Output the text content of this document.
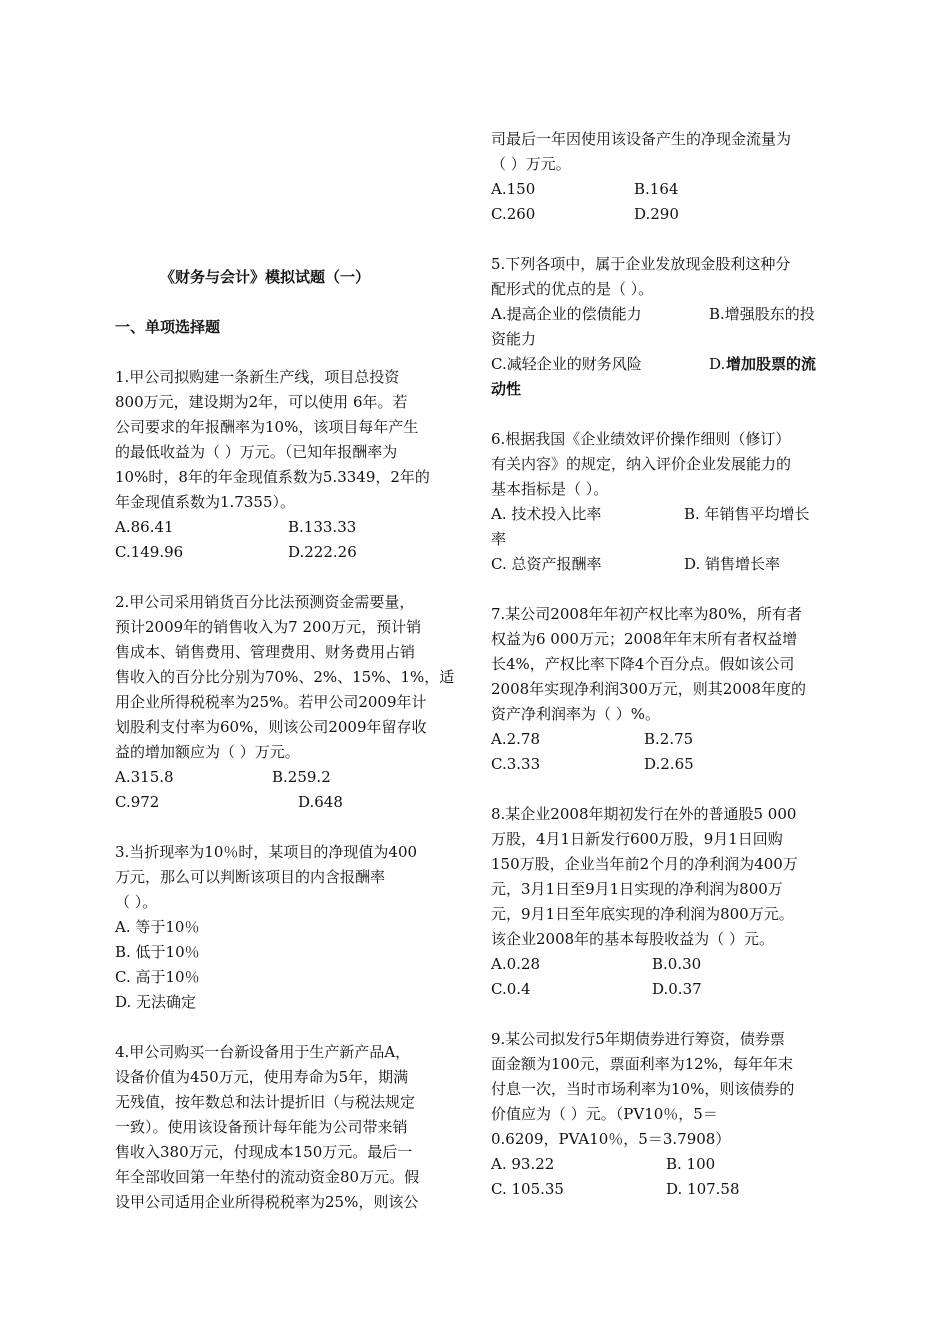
《财务与会计》模拟试题（一）
一、单项选择题
1.甲公司拟购建一条新生产线，项目总投资
800万元，建设期为2年，可以使用 6年。若
公司要求的年报酬率为10%，该项目每年产生
的最低收益为（ ）万元。（已知年报酬率为
10%时，8年的年金现值系数为5.3349，2年的
年金现值系数为1.7355）。
A.86.41	B.133.33
C.149.96	D.222.26
2.甲公司采用销货百分比法预测资金需要量，
预计2009年的销售收入为7 200万元，预计销
售成本、销售费用、管理费用、财务费用占销
售收入的百分比分别为70%、2%、15%、1%，适
用企业所得税税率为25%。若甲公司2009年计
划股利支付率为60%，则该公司2009年留存收
益的增加额应为（ ）万元。
A.315.8	B.259.2
C.972	D.648
3.当折现率为10％时，某项目的净现值为400
万元，那么可以判断该项目的内含报酬率
（ ）。
A. 等于10％
B. 低于10％
C. 高于10％
D. 无法确定
4.甲公司购买一台新设备用于生产新产品A，
设备价值为450万元，使用寿命为5年，期满
无残值，按年数总和法计提折旧（与税法规定
一致）。使用该设备预计每年能为公司带来销
售收入380万元，付现成本150万元。最后一
年全部收回第一年垫付的流动资金80万元。假
设甲公司适用企业所得税税率为25%，则该公
司最后一年因使用该设备产生的净现金流量为
（ ）万元。
A.150	B.164
C.260	D.290
5.下列各项中，属于企业发放现金股利这种分
配形式的优点的是（ ）。
A.提高企业的偿债能力	B.增强股东的投
资能力
C.减轻企业的财务风险	D. 增加股票的流
动性
6.根据我国《企业绩效评价操作细则（修订）
有关内容》的规定，纳入评价企业发展能力的
基本指标是（ ）。
A. 技术投入比率	B. 年销售平均增长
率
C. 总资产报酬率	D. 销售增长率
7.某公司2008年年初产权比率为80%，所有者
权益为6 000万元；2008年年末所有者权益增
长4%，产权比率下降4个百分点。假如该公司
2008年实现净利润300万元，则其2008年度的
资产净利润率为（ ）%。
A.2.78	B.2.75
C.3.33	D.2.65
8.某企业2008年期初发行在外的普通股5 000
万股，4月1日新发行600万股，9月1日回购
150万股，企业当年前2个月的净利润为400万
元，3月1日至9月1日实现的净利润为800万
元，9月1日至年底实现的净利润为800万元。
该企业2008年的基本每股收益为（ ）元。
A.0.28	B.0.30
C.0.4	D.0.37
9.某公司拟发行5年期债券进行筹资，债券票
面金额为100元，票面利率为12%，每年年末
付息一次，当时市场利率为10%，则该债券的
价值应为（ ）元。（PV10％，5＝
0.6209，PVA10％，5＝3.7908）
A. 93.22	B. 100
C. 105.35	D. 107.58
